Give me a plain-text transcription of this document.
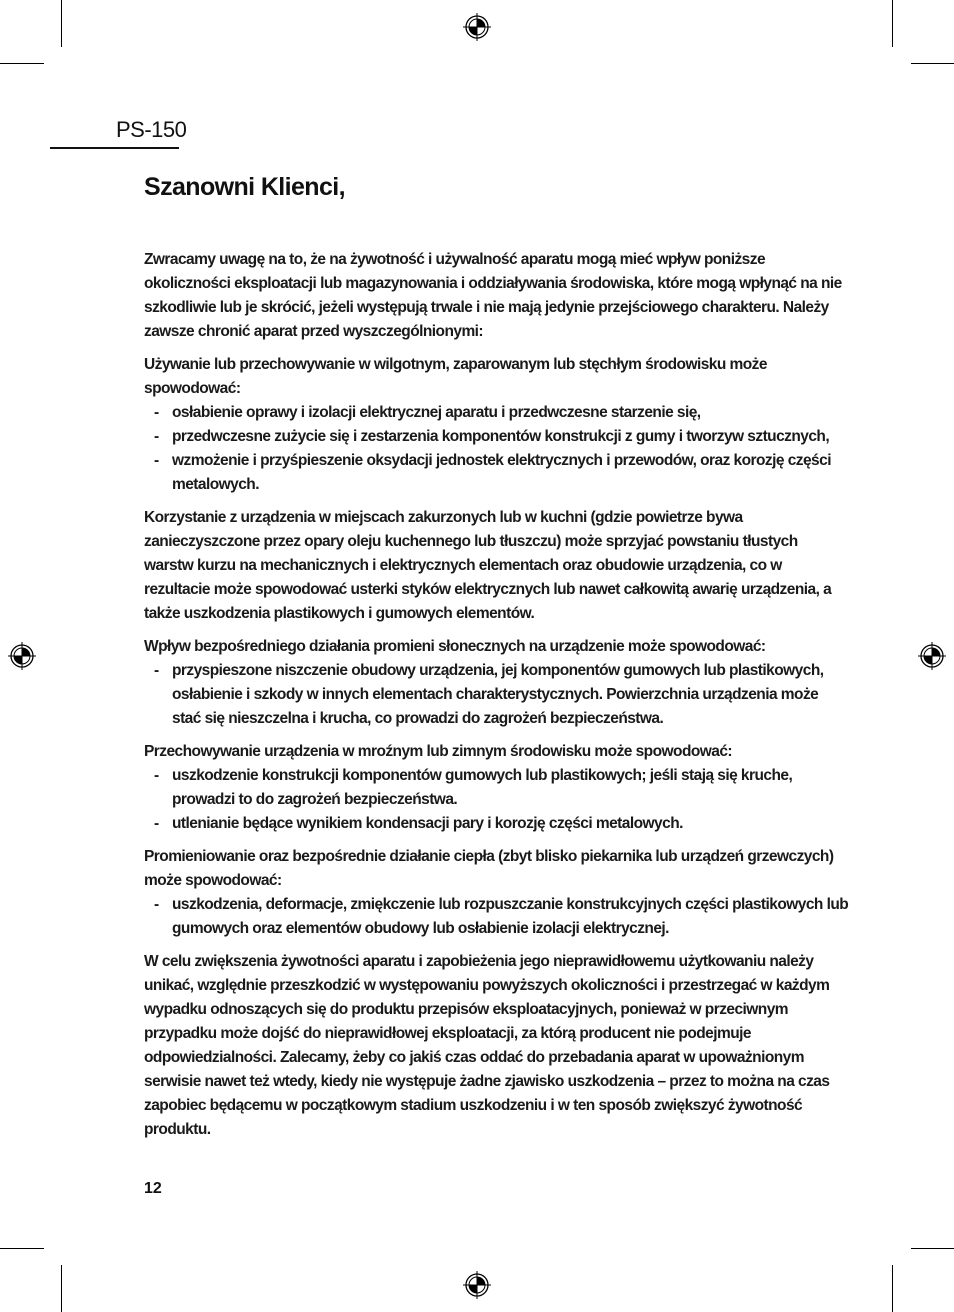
PS-150
Szanowni Klienci,

Zwracamy uwagę na to, że na żywotność i używalność aparatu mogą mieć wpływ poniższe okoliczności eksploatacji lub magazynowania i oddziaływania środowiska, które mogą wpłynąć na nie szkodliwie lub je skrócić, jeżeli występują trwale i nie mają jedynie przejściowego charakteru. Należy zawsze chronić aparat przed wyszczególnionymi:

Używanie lub przechowywanie w wilgotnym, zaparowanym lub stęchłym środowisku może spowodować:

- osłabienie oprawy i izolacji elektrycznej aparatu i przedwczesne starzenie się,
- przedwczesne zużycie się i zestarzenia komponentów konstrukcji z gumy i tworzyw sztucznych,
- wzmożenie i przyśpieszenie oksydacji jednostek elektrycznych i przewodów, oraz korozję części metalowych.

Korzystanie z urządzenia w miejscach zakurzonych lub w kuchni (gdzie powietrze bywa zanieczyszczone przez opary oleju kuchennego lub tłuszczu) może sprzyjać powstaniu tłustych warstw kurzu na mechanicznych i elektrycznych elementach oraz obudowie urządzenia, co w rezultacie może spowodować usterki styków elektrycznych lub nawet całkowitą awarię urządzenia, a także uszkodzenia plastikowych i gumowych elementów.

Wpływ bezpośredniego działania promieni słonecznych na urządzenie może spowodować:

- przyspieszone niszczenie obudowy urządzenia, jej komponentów gumowych lub plastikowych, osłabienie i szkody w innych elementach charakterystycznych. Powierzchnia urządzenia może stać się nieszczelna i krucha, co prowadzi do zagrożeń bezpieczeństwa.

Przechowywanie urządzenia w mroźnym lub zimnym środowisku może spowodować:

- uszkodzenie konstrukcji komponentów gumowych lub plastikowych; jeśli stają się kruche, prowadzi to do zagrożeń bezpieczeństwa.
- utlenianie będące wynikiem kondensacji pary i korozję części metalowych.

Promieniowanie oraz bezpośrednie działanie ciepła (zbyt blisko piekarnika lub urządzeń grzewczych) może spowodować:

- uszkodzenia, deformacje, zmiękczenie lub rozpuszczanie konstrukcyjnych części plastikowych lub gumowych oraz elementów obudowy lub osłabienie izolacji elektrycznej.

W celu zwiększenia żywotności aparatu i zapobieżenia jego nieprawidłowemu użytkowaniu należy unikać, względnie przeszkodzić w występowaniu powyższych okoliczności i przestrzegać w każdym wypadku odnoszących się do produktu przepisów eksploatacyjnych, ponieważ w przeciwnym przypadku może dojść do nieprawidłowej eksploatacji, za którą producent nie podejmuje odpowiedzialności. Zalecamy, żeby co jakiś czas oddać do przebadania aparat w upoważnionym serwisie nawet też wtedy, kiedy nie występuje żadne zjawisko uszkodzenia – przez to można na czas zapobiec będącemu w początkowym stadium uszkodzeniu i w ten sposób zwiększyć żywotność produktu.

12
